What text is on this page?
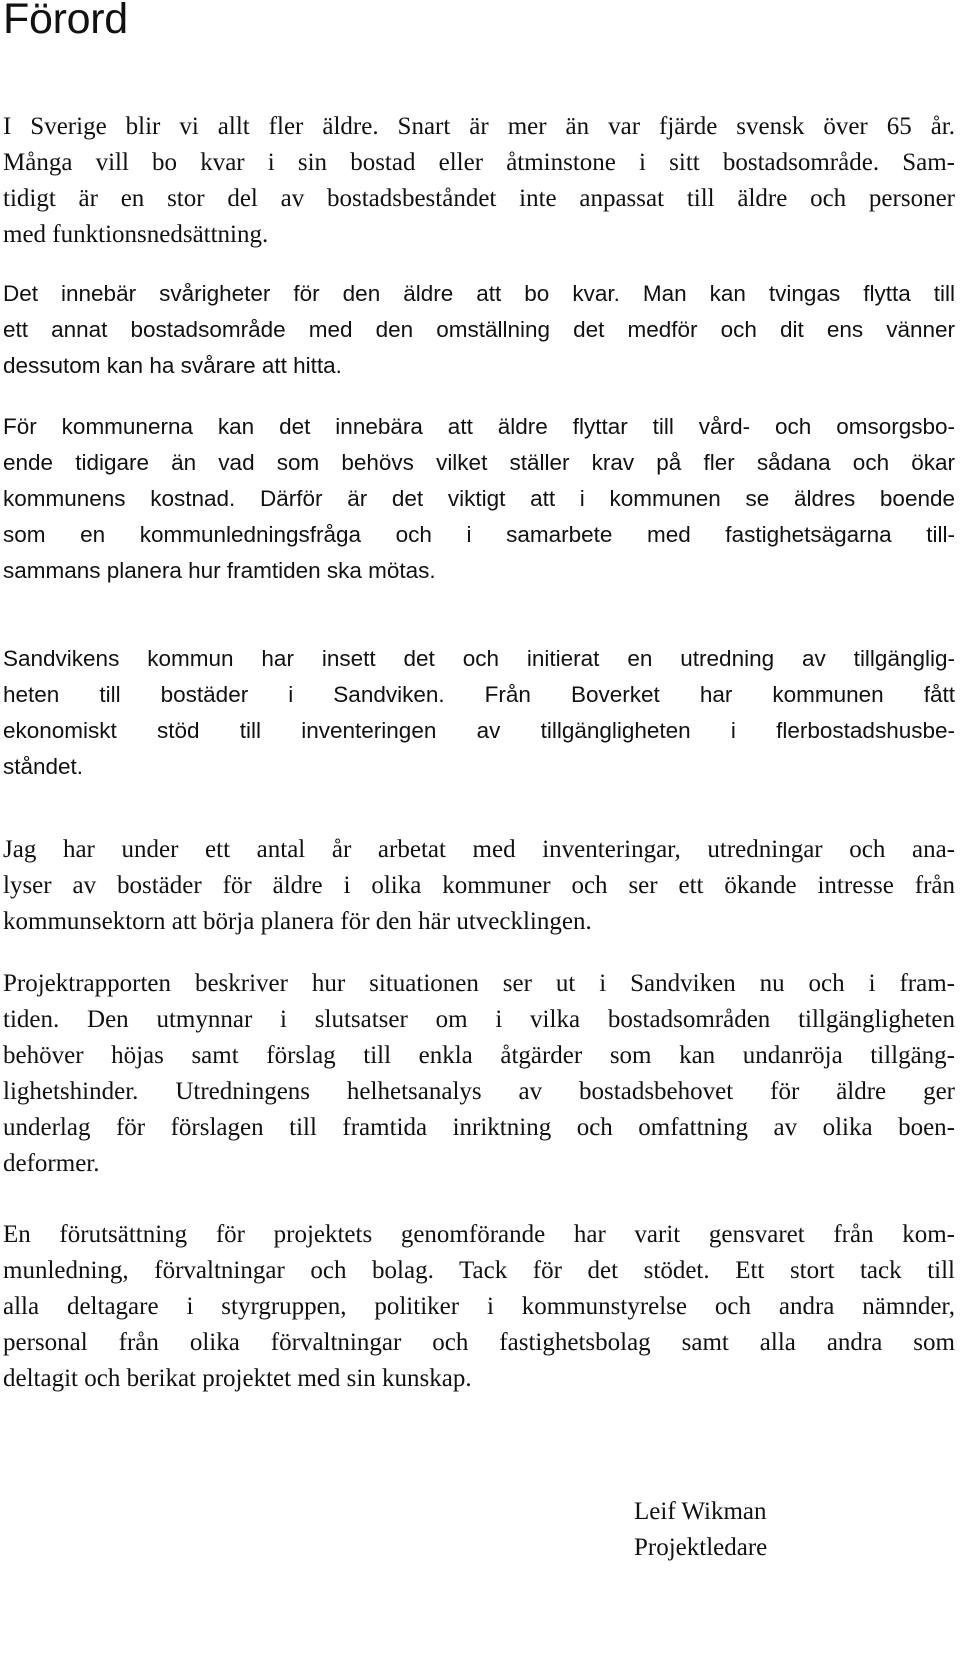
Förord
I Sverige blir vi allt fler äldre. Snart är mer än var fjärde svensk över 65 år.
Många vill bo kvar i sin bostad eller åtminstone i sitt bostadsområde. Sam-
tidigt är en stor del av bostadsbeståndet inte anpassat till äldre och personer
med funktionsnedsättning.
Det innebär svårigheter för den äldre att bo kvar. Man kan tvingas flytta till
ett annat bostadsområde med den omställning det medför och dit ens vänner
dessutom kan ha svårare att hitta.
För kommunerna kan det innebära att äldre flyttar till vård- och omsorgsbo-
ende tidigare än vad som behövs vilket ställer krav på fler sådana och ökar
kommunens kostnad. Därför är det viktigt att i kommunen se äldres boende
som en kommunledningsfråga och i samarbete med fastighetsägarna till-
sammans planera hur framtiden ska mötas.
Sandvikens kommun har insett det och initierat en utredning av tillgänglig-
heten till bostäder i Sandviken. Från Boverket har kommunen fått
ekonomiskt stöd till inventeringen av tillgängligheten i flerbostadshusbe-
ståndet.
Jag har under ett antal år arbetat med inventeringar, utredningar och ana-
lyser av bostäder för äldre i olika kommuner och ser ett ökande intresse från
kommunsektorn att börja planera för den här utvecklingen.
Projektrapporten beskriver hur situationen ser ut i Sandviken nu och i fram-
tiden. Den utmynnar i slutsatser om i vilka bostadsområden tillgängligheten
behöver höjas samt förslag till enkla åtgärder som kan undanröja tillgäng-
lighetshinder. Utredningens helhetsanalys av bostadsbehovet för äldre ger
underlag för förslagen till framtida inriktning och omfattning av olika boen-
deformer.
En förutsättning för projektets genomförande har varit gensvaret från kom-
munledning, förvaltningar och bolag. Tack för det stödet. Ett stort tack till
alla deltagare i styrgruppen, politiker i kommunstyrelse och andra nämnder,
personal från olika förvaltningar och fastighetsbolag samt alla andra som
deltagit och berikat projektet med sin kunskap.
Leif Wikman
Projektledare
